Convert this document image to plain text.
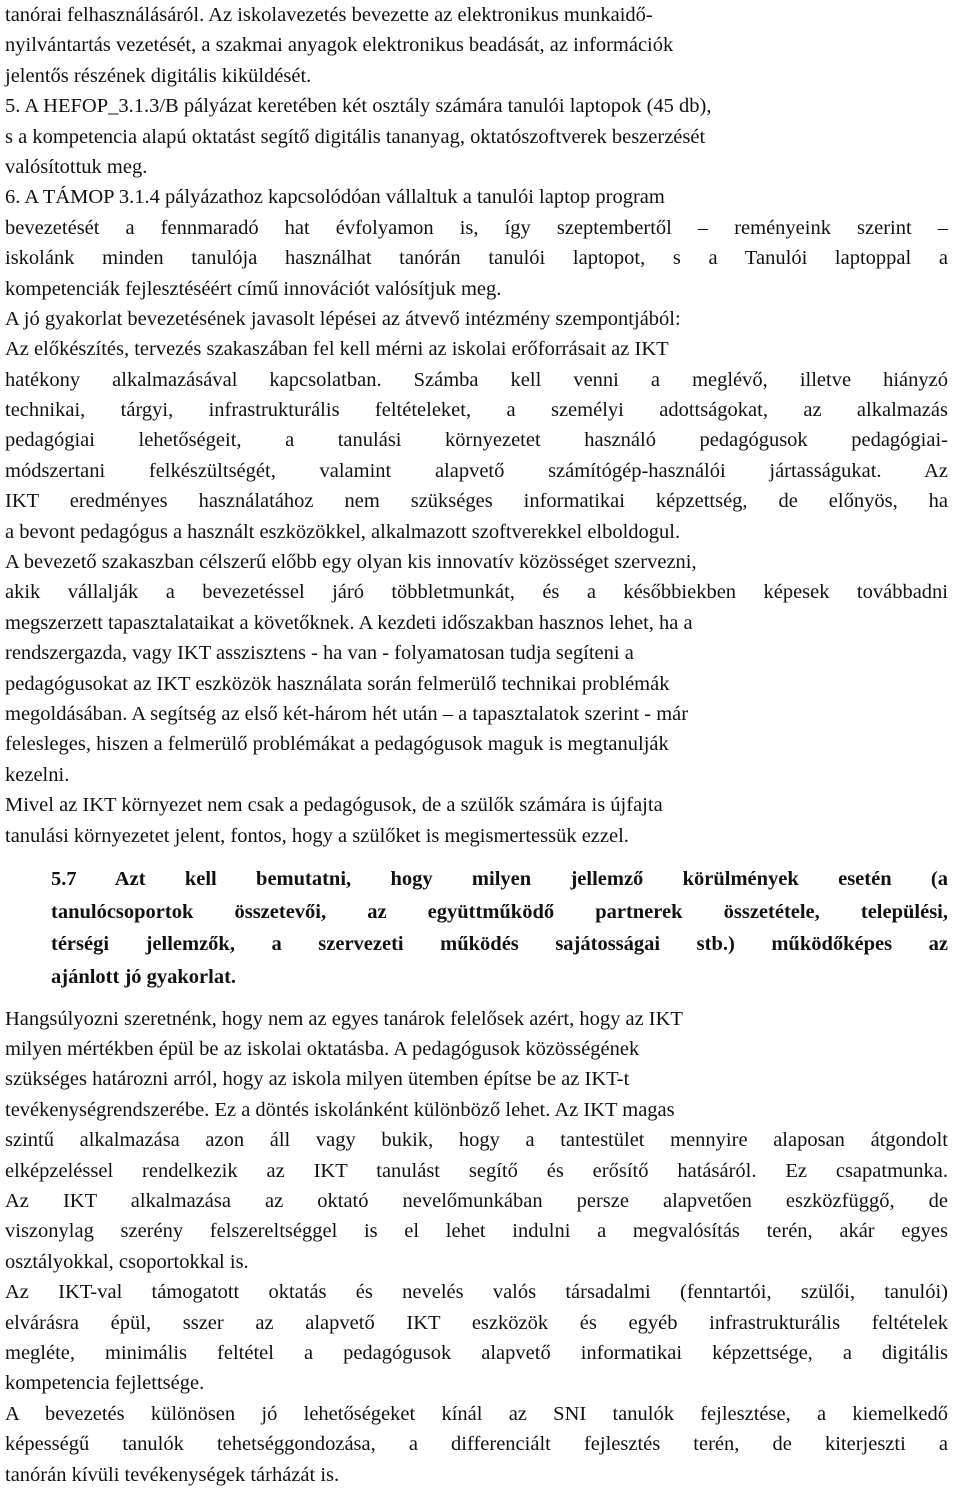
tanórai felhasználásáról. Az iskolavezetés bevezette az elektronikus munkaidő-
nyilvántartás vezetését, a szakmai anyagok elektronikus beadását, az információk
jelentős részének digitális kiküldését.

5. A HEFOP_3.1.3/B pályázat keretében két osztály számára tanulói laptopok (45 db),
s a kompetencia alapú oktatást segítő digitális tananyag, oktatószoftverek beszerzését
valósítottuk meg.

6. A TÁMOP 3.1.4 pályázathoz kapcsolódóan vállaltuk a tanulói laptop program
bevezetését a fennmaradó hat évfolyamon is, így szeptembertől – reményeink szerint –
iskolánk minden tanulója használhat tanórán tanulói laptopot, s a Tanulói laptoppal a
kompetenciák fejlesztéséért című innovációt valósítjuk meg.

A jó gyakorlat bevezetésének javasolt lépései az átvevő intézmény szempontjából:
Az előkészítés, tervezés szakaszában fel kell mérni az iskolai erőforrásait az IKT
hatékony alkalmazásával kapcsolatban. Számba kell venni a meglévő, illetve hiányzó
technikai, tárgyi, infrastrukturális feltételeket, a személyi adottságokat, az alkalmazás
pedagógiai lehetőségeit, a tanulási környezetet használó pedagógusok pedagógiai-
módszertani felkészültségét, valamint alapvető számítógép-használói jártasságukat. Az
IKT eredményes használatához nem szükséges informatikai képzettség, de előnyös, ha
a bevont pedagógus a használt eszközökkel, alkalmazott szoftverekkel elboldogul.

A bevezető szakaszban célszerű előbb egy olyan kis innovatív közösséget szervezni,
akik vállalják a bevezetéssel járó többletmunkát, és a későbbiekben képesek továbbadni
megszerzett tapasztalataikat a követőknek. A kezdeti időszakban hasznos lehet, ha a
rendszergazda, vagy IKT asszisztens - ha van - folyamatosan tudja segíteni a
pedagógusokat az IKT eszközök használata során felmerülő technikai problémák
megoldásában. A segítség az első két-három hét után – a tapasztalatok szerint - már
felesleges, hiszen a felmerülő problémákat a pedagógusok maguk is megtanulják
kezelni.

Mivel az IKT környezet nem csak a pedagógusok, de a szülők számára is újfajta
tanulási környezetet jelent, fontos, hogy a szülőket is megismertessük ezzel.

5.7 Azt kell bemutatni, hogy milyen jellemző körülmények esetén (a
tanulócsoportok összetevői, az együttműködő partnerek összetétele, települési,
térségi jellemzők, a szervezeti működés sajátosságai stb.) működőképes az
ajánlott jó gyakorlat.

Hangsúlyozni szeretnénk, hogy nem az egyes tanárok felelősek azért, hogy az IKT
milyen mértékben épül be az iskolai oktatásba. A pedagógusok közösségének
szükséges határozni arról, hogy az iskola milyen ütemben építse be az IKT-t
tevékenységrendszerébe. Ez a döntés iskolánként különböző lehet. Az IKT magas
szintű alkalmazása azon áll vagy bukik, hogy a tantestület mennyire alaposan átgondolt
elképzeléssel rendelkezik az IKT tanulást segítő és erősítő hatásáról. Ez csapatmunka.
Az IKT alkalmazása az oktató nevelőmunkában persze alapvetően eszközfüggő, de
viszonylag szerény felszereltséggel is el lehet indulni a megvalósítás terén, akár egyes
osztályokkal, csoportokkal is.

Az IKT-val támogatott oktatás és nevelés valós társadalmi (fenntartói, szülői, tanulói)
elvárásra épül, sszer az alapvető IKT eszközök és egyéb infrastrukturális feltételek
megléte, minimális feltétel a pedagógusok alapvető informatikai képzettsége, a digitális
kompetencia fejlettsége.

A bevezetés különösen jó lehetőségeket kínál az SNI tanulók fejlesztése, a kiemelkedő
képességű tanulók tehetséggondozása, a differenciált fejlesztés terén, de kiterjeszti a
tanórán kívüli tevékenységek tárházát is.
